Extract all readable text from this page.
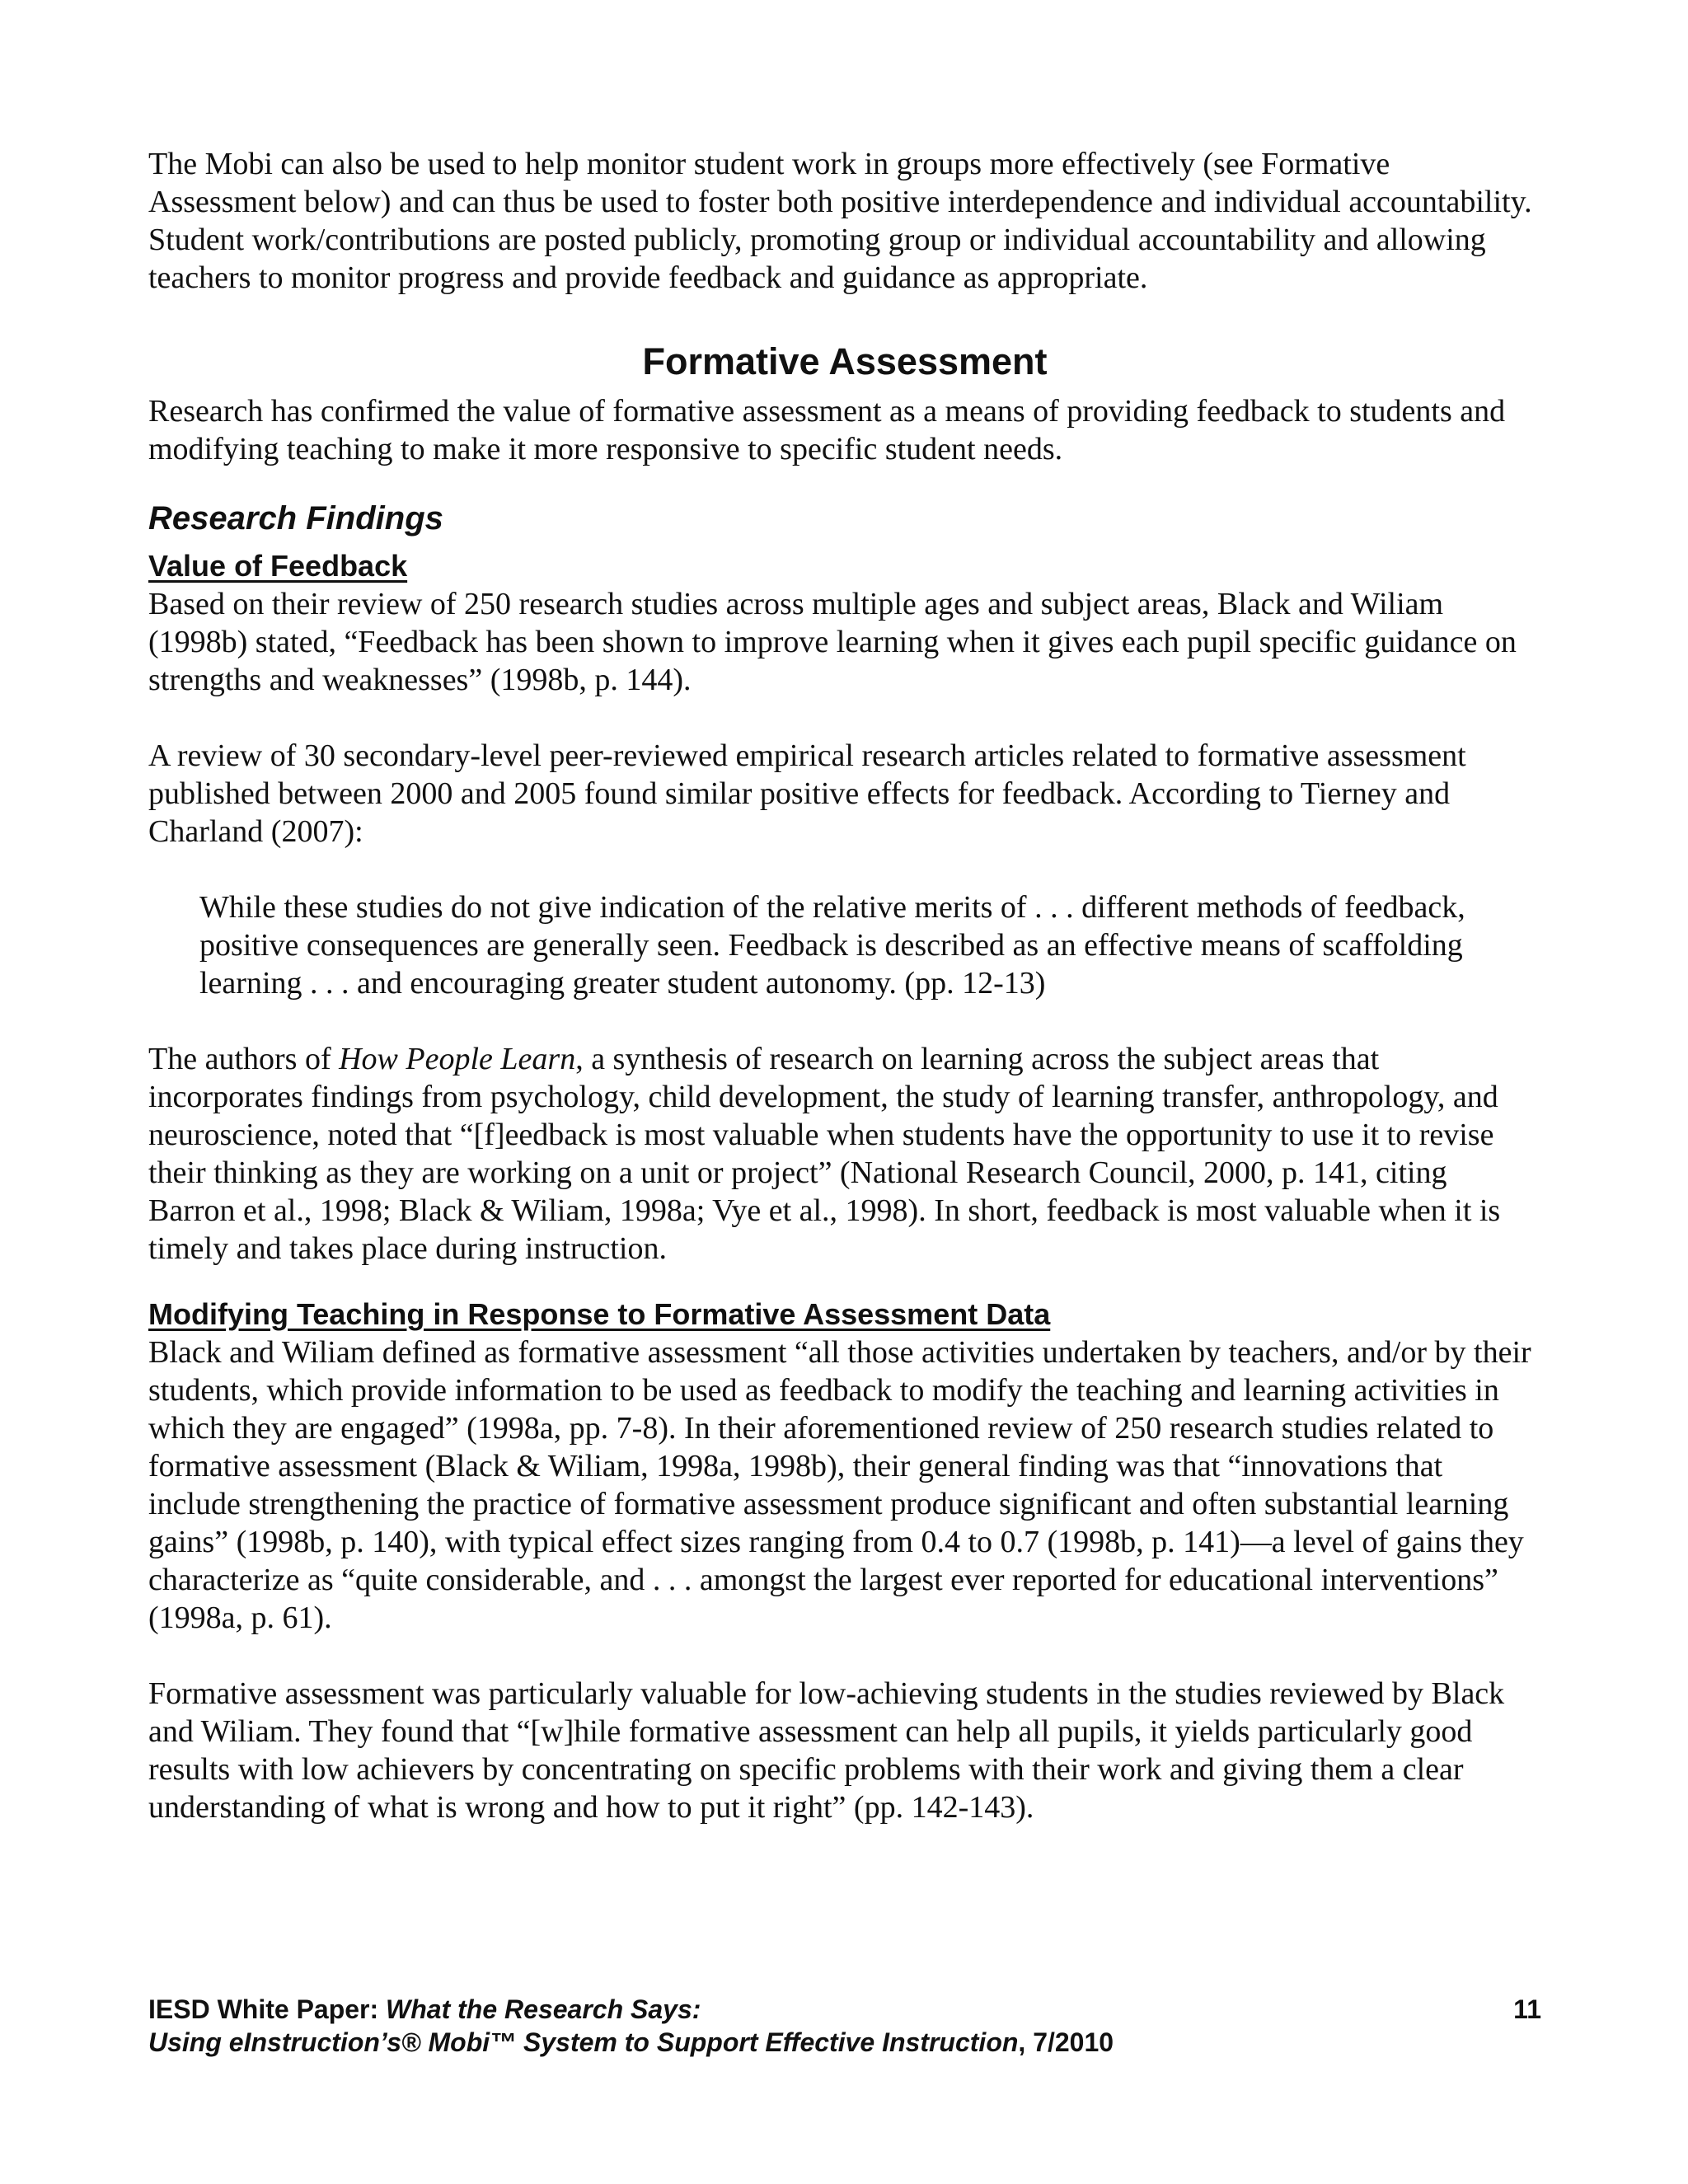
The Mobi can also be used to help monitor student work in groups more effectively (see Formative Assessment below) and can thus be used to foster both positive interdependence and individual accountability. Student work/contributions are posted publicly, promoting group or individual accountability and allowing teachers to monitor progress and provide feedback and guidance as appropriate.

Formative Assessment

Research has confirmed the value of formative assessment as a means of providing feedback to students and modifying teaching to make it more responsive to specific student needs.

Research Findings
Value of Feedback

Based on their review of 250 research studies across multiple ages and subject areas, Black and Wiliam (1998b) stated, “Feedback has been shown to improve learning when it gives each pupil specific guidance on strengths and weaknesses” (1998b, p. 144).

A review of 30 secondary-level peer-reviewed empirical research articles related to formative assessment published between 2000 and 2005 found similar positive effects for feedback. According to Tierney and Charland (2007):

While these studies do not give indication of the relative merits of . . . different methods of feedback, positive consequences are generally seen. Feedback is described as an effective means of scaffolding learning . . . and encouraging greater student autonomy. (pp. 12-13)

The authors of How People Learn, a synthesis of research on learning across the subject areas that incorporates findings from psychology, child development, the study of learning transfer, anthropology, and neuroscience, noted that “[f]eedback is most valuable when students have the opportunity to use it to revise their thinking as they are working on a unit or project” (National Research Council, 2000, p. 141, citing Barron et al., 1998; Black & Wiliam, 1998a; Vye et al., 1998). In short, feedback is most valuable when it is timely and takes place during instruction.

Modifying Teaching in Response to Formative Assessment Data

Black and Wiliam defined as formative assessment “all those activities undertaken by teachers, and/or by their students, which provide information to be used as feedback to modify the teaching and learning activities in which they are engaged” (1998a, pp. 7-8). In their aforementioned review of 250 research studies related to formative assessment (Black & Wiliam, 1998a, 1998b), their general finding was that “innovations that include strengthening the practice of formative assessment produce significant and often substantial learning gains” (1998b, p. 140), with typical effect sizes ranging from 0.4 to 0.7 (1998b, p. 141)—a level of gains they characterize as “quite considerable, and . . . amongst the largest ever reported for educational interventions” (1998a, p. 61).

Formative assessment was particularly valuable for low-achieving students in the studies reviewed by Black and Wiliam. They found that “[w]hile formative assessment can help all pupils, it yields particularly good results with low achievers by concentrating on specific problems with their work and giving them a clear understanding of what is wrong and how to put it right” (pp. 142-143).

IESD White Paper: What the Research Says:	11
Using eInstruction’s® Mobi™ System to Support Effective Instruction, 7/2010
